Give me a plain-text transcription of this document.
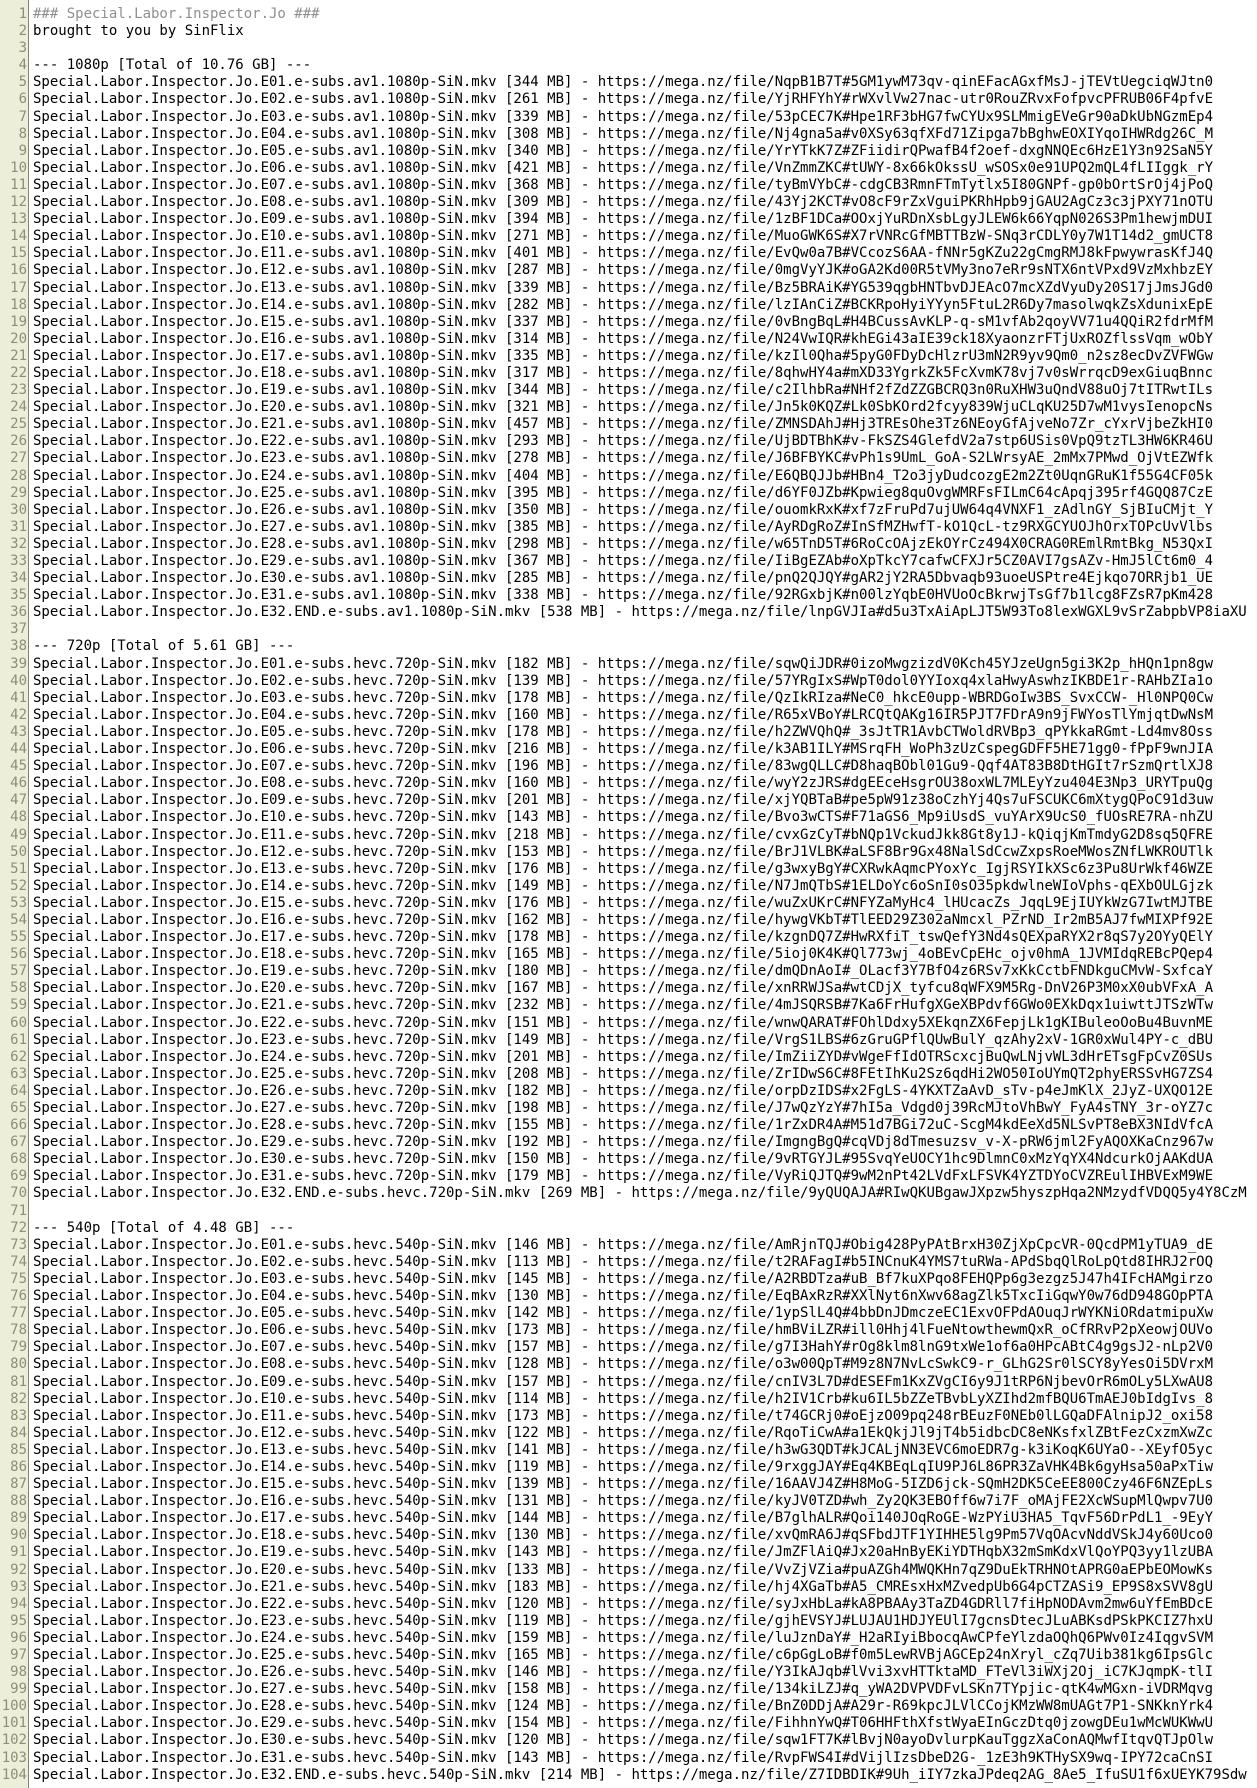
1 ### Special.Labor.Inspector.Jo ###
2 brought to you by SinFlix
3
4 --- 1080p [Total of 10.76 GB] ---
5 Special.Labor.Inspector.Jo.E01.e-subs.av1.1080p-SiN.mkv [344 MB] - https://mega.nz/file/NqpB1B7T#5GM1ywM73qv-qinEFacAGxfMsJ-jTEVtUegciqWJtn0
6 Special.Labor.Inspector.Jo.E02.e-subs.av1.1080p-SiN.mkv [261 MB] - https://mega.nz/file/YjRHFYhY#rWXvlVw27nac-utr0RouZRvxFofpvcPFRUB06F4pfvE
7 Special.Labor.Inspector.Jo.E03.e-subs.av1.1080p-SiN.mkv [339 MB] - https://mega.nz/file/53pCEC7K#Hpe1RF3bHG7fwCYUx9SLMmigEVeGr90aDkUbNGzmEp4
8 Special.Labor.Inspector.Jo.E04.e-subs.av1.1080p-SiN.mkv [308 MB] - https://mega.nz/file/Nj4gna5a#v0XSy63qfXFd71Zipga7bBghwEOXIYqoIHWRdg26C_M
9 Special.Labor.Inspector.Jo.E05.e-subs.av1.1080p-SiN.mkv [340 MB] - https://mega.nz/file/YrYTkK7Z#ZFiidirQPwafB4f2oef-dxgNNQEc6HzE1Y3n92SaN5Y
10 Special.Labor.Inspector.Jo.E06.e-subs.av1.1080p-SiN.mkv [421 MB] - https://mega.nz/file/VnZmmZKC#tUWY-8x66kOkssU_wSOSx0e91UPQ2mQL4fLIIggk_rY
11 Special.Labor.Inspector.Jo.E07.e-subs.av1.1080p-SiN.mkv [368 MB] - https://mega.nz/file/tyBmVYbC#-cdgCB3RmnFTmTytlx5I80GNPf-gp0bOrtSrOj4jPoQ
12 Special.Labor.Inspector.Jo.E08.e-subs.av1.1080p-SiN.mkv [309 MB] - https://mega.nz/file/43Yj2KCT#vO8cF9rZxVguiPKRhHpb9jGAU2AgCz3c3jPXY71nOTU
13 Special.Labor.Inspector.Jo.E09.e-subs.av1.1080p-SiN.mkv [394 MB] - https://mega.nz/file/1zBF1DCa#OOxjYuRDnXsbLgyJLEW6k66YqpN026S3Pm1hewjmDUI
14 Special.Labor.Inspector.Jo.E10.e-subs.av1.1080p-SiN.mkv [271 MB] - https://mega.nz/file/MuoGWK6S#X7rVNRcGfMBTTBzW-SNq3rCDLY0y7W1T14d2_gmUCT8
15 Special.Labor.Inspector.Jo.E11.e-subs.av1.1080p-SiN.mkv [401 MB] - https://mega.nz/file/EvQw0a7B#VCcozS6AA-fNNr5gKZu22gCmgRMJ8kFpwywrasKfJ4Q
16 Special.Labor.Inspector.Jo.E12.e-subs.av1.1080p-SiN.mkv [287 MB] - https://mega.nz/file/0mgVyYJK#oGA2Kd00R5tVMy3no7eRr9sNTX6ntVPxd9VzMxhbzEY
17 Special.Labor.Inspector.Jo.E13.e-subs.av1.1080p-SiN.mkv [339 MB] - https://mega.nz/file/Bz5BRAiK#YG539qgbHNTbvDJEAcO7mcXZdVyuDy20S17jJmsJGd0
18 Special.Labor.Inspector.Jo.E14.e-subs.av1.1080p-SiN.mkv [282 MB] - https://mega.nz/file/lzIAnCiZ#BCKRpoHyiYYyn5FtuL2R6Dy7masolwqkZsXdunixEpE
19 Special.Labor.Inspector.Jo.E15.e-subs.av1.1080p-SiN.mkv [337 MB] - https://mega.nz/file/0vBngBqL#H4BCussAvKLP-q-sM1vfAb2qoyVV71u4QQiR2fdrMfM
20 Special.Labor.Inspector.Jo.E16.e-subs.av1.1080p-SiN.mkv [314 MB] - https://mega.nz/file/N24VwIQR#khEGi43aIE39ck18XyaonzrFTjUxROZflssVqm_wObY
21 Special.Labor.Inspector.Jo.E17.e-subs.av1.1080p-SiN.mkv [335 MB] - https://mega.nz/file/kzIl0Qha#5pyG0FDyDcHlzrU3mN2R9yv9Qm0_n2sz8ecDvZVFWGw
22 Special.Labor.Inspector.Jo.E18.e-subs.av1.1080p-SiN.mkv [317 MB] - https://mega.nz/file/8qhwHY4a#mXD33YgrkZk5FcXvmK78vj7v0sWrrqcD9exGiuqBnnc
23 Special.Labor.Inspector.Jo.E19.e-subs.av1.1080p-SiN.mkv [344 MB] - https://mega.nz/file/c2IlhbRa#NHf2fZdZZGBCRQ3n0RuXHW3uQndV88uOj7tITRwtILs
24 Special.Labor.Inspector.Jo.E20.e-subs.av1.1080p-SiN.mkv [321 MB] - https://mega.nz/file/Jn5k0KQZ#Lk0SbKOrd2fcyy839WjuCLqKU25D7wM1vysIenopcNs
25 Special.Labor.Inspector.Jo.E21.e-subs.av1.1080p-SiN.mkv [457 MB] - https://mega.nz/file/ZMNSDAhJ#Hj3TREsOhe3Tz6NEoyGfAjveNo7Zr_cYxrVjbeZkHI0
26 Special.Labor.Inspector.Jo.E22.e-subs.av1.1080p-SiN.mkv [293 MB] - https://mega.nz/file/UjBDTBhK#v-FkSZS4GlefdV2a7stp6USis0VpQ9tzTL3HW6KR46U
27 Special.Labor.Inspector.Jo.E23.e-subs.av1.1080p-SiN.mkv [278 MB] - https://mega.nz/file/J6BFBYKC#vPh1s9UmL_GoA-S2LWrsyAE_2mMx7PMwd_OjVtEZWfk
28 Special.Labor.Inspector.Jo.E24.e-subs.av1.1080p-SiN.mkv [404 MB] - https://mega.nz/file/E6QBQJJb#HBn4_T2o3jyDudcozgE2m2Zt0UqnGRuK1f55G4CF05k
29 Special.Labor.Inspector.Jo.E25.e-subs.av1.1080p-SiN.mkv [395 MB] - https://mega.nz/file/d6YF0JZb#Kpwieg8quOvgWMRFsFILmC64cApqj395rf4GQQ87CzE
30 Special.Labor.Inspector.Jo.E26.e-subs.av1.1080p-SiN.mkv [350 MB] - https://mega.nz/file/ouomkRxK#xf7zFruPd7ujUW64q4VNXF1_zAdlnGY_SjBIuCMjt_Y
31 Special.Labor.Inspector.Jo.E27.e-subs.av1.1080p-SiN.mkv [385 MB] - https://mega.nz/file/AyRDgRoZ#InSfMZHwfT-kO1QcL-tz9RXGCYUOJhOrxTOPcUvVlbs
32 Special.Labor.Inspector.Jo.E28.e-subs.av1.1080p-SiN.mkv [298 MB] - https://mega.nz/file/w65TnD5T#6RoCcOAjzEkOYrCz494X0CRAG0REmlRmtBkg_N53QxI
33 Special.Labor.Inspector.Jo.E29.e-subs.av1.1080p-SiN.mkv [367 MB] - https://mega.nz/file/IiBgEZAb#oXpTkcY7cafwCFXJr5CZ0AVI7gsAZv-HmJ5lCt6m0_4
34 Special.Labor.Inspector.Jo.E30.e-subs.av1.1080p-SiN.mkv [285 MB] - https://mega.nz/file/pnQ2QJQY#gAR2jY2RA5Dbvaqb93uoeUSPtre4Ejkqo7ORRjb1_UE
35 Special.Labor.Inspector.Jo.E31.e-subs.av1.1080p-SiN.mkv [338 MB] - https://mega.nz/file/92RGxbjK#n00lzYqbE0HVUoOcBkrwjTsGf7b1lcg8FZsR7pKm428
36 Special.Labor.Inspector.Jo.E32.END.e-subs.av1.1080p-SiN.mkv [538 MB] - https://mega.nz/file/lnpGVJIa#d5u3TxAiApLJT5W93To8lexWGXL9vSrZabpbVP8iaXU
37
38 --- 720p [Total of 5.61 GB] ---
39 Special.Labor.Inspector.Jo.E01.e-subs.hevc.720p-SiN.mkv [182 MB] - https://mega.nz/file/sqwQiJDR#0izoMwgzizdV0Kch45YJzeUgn5gi3K2p_hHQn1pn8gw
40 Special.Labor.Inspector.Jo.E02.e-subs.hevc.720p-SiN.mkv [139 MB] - https://mega.nz/file/57YRgIxS#WpT0dol0YYIoxq4xlaHwyAswhzIKBDE1r-RAHbZIa1o
41 Special.Labor.Inspector.Jo.E03.e-subs.hevc.720p-SiN.mkv [178 MB] - https://mega.nz/file/QzIkRIza#NeC0_hkcE0upp-WBRDGoIw3BS_SvxCCW-_Hl0NPQ0Cw
42 Special.Labor.Inspector.Jo.E04.e-subs.hevc.720p-SiN.mkv [160 MB] - https://mega.nz/file/R65xVBoY#LRCQtQAKg16IR5PJT7FDrA9n9jFWYosTlYmjqtDwNsM
43 Special.Labor.Inspector.Jo.E05.e-subs.hevc.720p-SiN.mkv [178 MB] - https://mega.nz/file/h2ZWVQhQ#_3sJtTR1AvbCTWoldRVBp3_qPYkkaRGmt-Ld4mv8Oss
44 Special.Labor.Inspector.Jo.E06.e-subs.hevc.720p-SiN.mkv [216 MB] - https://mega.nz/file/k3AB1ILY#MSrqFH_WoPh3zUzCspegGDFF5HE71gg0-fPpF9wnJIA
45 Special.Labor.Inspector.Jo.E07.e-subs.hevc.720p-SiN.mkv [196 MB] - https://mega.nz/file/83wgQLLC#D8haqBObl01Gu9-Qqf4AT83B8DtHGIt7rSzmQrtlXJ8
46 Special.Labor.Inspector.Jo.E08.e-subs.hevc.720p-SiN.mkv [160 MB] - https://mega.nz/file/wyY2zJRS#dgEEceHsgrOU38oxWL7MLEyYzu404E3Np3_URYTpuQg
47 Special.Labor.Inspector.Jo.E09.e-subs.hevc.720p-SiN.mkv [201 MB] - https://mega.nz/file/xjYQBTaB#pe5pW91z38oCzhYj4Qs7uFSCUKC6mXtygQPoC91d3uw
48 Special.Labor.Inspector.Jo.E10.e-subs.hevc.720p-SiN.mkv [143 MB] - https://mega.nz/file/Bvo3wCTS#F71aGS6_Mp9iUsdS_vuYArX9UcS0_fUOsRE7RA-nhZU
49 Special.Labor.Inspector.Jo.E11.e-subs.hevc.720p-SiN.mkv [218 MB] - https://mega.nz/file/cvxGzCyT#bNQp1VckudJkk8Gt8y1J-kQiqjKmTmdyG2D8sq5QFRE
50 Special.Labor.Inspector.Jo.E12.e-subs.hevc.720p-SiN.mkv [153 MB] - https://mega.nz/file/BrJ1VLBK#aLSF8Br9Gx48NalSdCcwZxpsRoeMWosZNfLWKROUTlk
51 Special.Labor.Inspector.Jo.E13.e-subs.hevc.720p-SiN.mkv [176 MB] - https://mega.nz/file/g3wxyBgY#CXRwkAqmcPYoxYc_IgjRSYIkXSc6z3Pu8UrWkf46WZE
52 Special.Labor.Inspector.Jo.E14.e-subs.hevc.720p-SiN.mkv [149 MB] - https://mega.nz/file/N7JmQTbS#1ELDoYc6oSnI0sO35pkdwlneWIoVphs-qEXbOULGjzk
53 Special.Labor.Inspector.Jo.E15.e-subs.hevc.720p-SiN.mkv [176 MB] - https://mega.nz/file/wuZxUKrC#NFYZaMyHc4_lHUcacZs_JqqL9EjIUYkWzG7IwtMJTBE
54 Special.Labor.Inspector.Jo.E16.e-subs.hevc.720p-SiN.mkv [162 MB] - https://mega.nz/file/hywgVKbT#TlEED29Z302aNmcxl_PZrND_Ir2mB5AJ7fwMIXPf92E
55 Special.Labor.Inspector.Jo.E17.e-subs.hevc.720p-SiN.mkv [178 MB] - https://mega.nz/file/kzgnDQ7Z#HwRXfiT_tswQefY3Nd4sQEXpaRYX2r8qS7y2OYyQElY
56 Special.Labor.Inspector.Jo.E18.e-subs.hevc.720p-SiN.mkv [165 MB] - https://mega.nz/file/5ioj0K4K#Ql773wj_4oBEvCpEHc_ojv0hmA_1JVMIdqREBcPQep4
57 Special.Labor.Inspector.Jo.E19.e-subs.hevc.720p-SiN.mkv [180 MB] - https://mega.nz/file/dmQDnAoI#_OLacf3Y7BfO4z6RSv7xKkCctbFNDkguCMvW-SxfcaY
58 Special.Labor.Inspector.Jo.E20.e-subs.hevc.720p-SiN.mkv [167 MB] - https://mega.nz/file/xnRRWJSa#wtCDjX_tyfcu8qWFX9M5Rg-DnV26P3M0xX0ubVFxA_A
59 Special.Labor.Inspector.Jo.E21.e-subs.hevc.720p-SiN.mkv [232 MB] - https://mega.nz/file/4mJSQRSB#7Ka6FrHufgXGeXBPdvf6GWo0EXkDqx1uiwttJTSzWTw
60 Special.Labor.Inspector.Jo.E22.e-subs.hevc.720p-SiN.mkv [151 MB] - https://mega.nz/file/wnwQARAT#FOhlDdxy5XEkqnZX6FepjLk1gKIBuleoOoBu4BuvnME
61 Special.Labor.Inspector.Jo.E23.e-subs.hevc.720p-SiN.mkv [149 MB] - https://mega.nz/file/VrgS1LBS#6zGruGPflQUwBulY_qzAhy2xV-1GR0xWul4PY-c_dBU
62 Special.Labor.Inspector.Jo.E24.e-subs.hevc.720p-SiN.mkv [201 MB] - https://mega.nz/file/ImZiiZYD#vWgeFfIdOTRScxcjBuQwLNjvWL3dHrETsgFpCvZ0SUs
63 Special.Labor.Inspector.Jo.E25.e-subs.hevc.720p-SiN.mkv [208 MB] - https://mega.nz/file/ZrIDwS6C#8FEtIhKu2Sz6qdHi2WO50IoUYmQT2phyERSSvHG7ZS4
64 Special.Labor.Inspector.Jo.E26.e-subs.hevc.720p-SiN.mkv [182 MB] - https://mega.nz/file/orpDzIDS#x2FgLS-4YKXTZaAvD_sTv-p4eJmKlX_2JyZ-UXQO12E
65 Special.Labor.Inspector.Jo.E27.e-subs.hevc.720p-SiN.mkv [198 MB] - https://mega.nz/file/J7wQzYzY#7hI5a_Vdgd0j39RcMJtoVhBwY_FyA4sTNY_3r-oYZ7c
66 Special.Labor.Inspector.Jo.E28.e-subs.hevc.720p-SiN.mkv [155 MB] - https://mega.nz/file/1rZxDR4A#M51d7BGi72uC-ScgM4kdEeXd5NLSvPT8eBX3NIdVfcA
67 Special.Labor.Inspector.Jo.E29.e-subs.hevc.720p-SiN.mkv [192 MB] - https://mega.nz/file/ImgngBgQ#cqVDj8dTmesuzsv_v-X-pRW6jml2FyAQOXKaCnz967w
68 Special.Labor.Inspector.Jo.E30.e-subs.hevc.720p-SiN.mkv [150 MB] - https://mega.nz/file/9vRTGYJL#95SvqYeUOCY1hc9DlmnC0xMzYqYX4NdcurkOjAAKdUA
69 Special.Labor.Inspector.Jo.E31.e-subs.hevc.720p-SiN.mkv [179 MB] - https://mega.nz/file/VyRiQJTQ#9wM2nPt42LVdFxLFSVK4YZTDYoCVZREulIHBVExM9WE
70 Special.Labor.Inspector.Jo.E32.END.e-subs.hevc.720p-SiN.mkv [269 MB] - https://mega.nz/file/9yQUQAJA#RIwQKUBgawJXpzw5hyszpHqa2NMzydfVDQQ5y4Y8CzM
71
72 --- 540p [Total of 4.48 GB] ---
73 Special.Labor.Inspector.Jo.E01.e-subs.hevc.540p-SiN.mkv [146 MB] - https://mega.nz/file/AmRjnTQJ#Obig428PyPAtBrxH30ZjXpCpcVR-0QcdPM1yTUA9_dE
74 Special.Labor.Inspector.Jo.E02.e-subs.hevc.540p-SiN.mkv [113 MB] - https://mega.nz/file/t2RAFagI#b5INCnuK4YMS7tuRWa-APdSbqQlRoLpQtd8IHRJ2rOQ
75 Special.Labor.Inspector.Jo.E03.e-subs.hevc.540p-SiN.mkv [145 MB] - https://mega.nz/file/A2RBDTza#uB_Bf7kuXPqo8FEHQPp6g3ezgz5J47h4IFcHAMgirzo
76 Special.Labor.Inspector.Jo.E04.e-subs.hevc.540p-SiN.mkv [130 MB] - https://mega.nz/file/EqBAxRzR#XXlNyt6nXwv68agZlk5TxcIiGqwY0w76dD948GOpPTA
77 Special.Labor.Inspector.Jo.E05.e-subs.hevc.540p-SiN.mkv [142 MB] - https://mega.nz/file/1ypSlL4Q#4bbDnJDmczeEC1ExvOFPdAOuqJrWYKNiORdatmipuXw
78 Special.Labor.Inspector.Jo.E06.e-subs.hevc.540p-SiN.mkv [173 MB] - https://mega.nz/file/hmBViLZR#ill0Hhj4lFueNtowthewmQxR_oCfRRvP2pXeowjOUVo
79 Special.Labor.Inspector.Jo.E07.e-subs.hevc.540p-SiN.mkv [157 MB] - https://mega.nz/file/g7I3HahY#rOg8klm8lnG9txWe1of6a0HPcABtC4g9gsJ2-nLp2V0
80 Special.Labor.Inspector.Jo.E08.e-subs.hevc.540p-SiN.mkv [128 MB] - https://mega.nz/file/o3w00QpT#M9z8N7NvLcSwkC9-r_GLhG2Sr0lSCY8yYesOi5DVrxM
81 Special.Labor.Inspector.Jo.E09.e-subs.hevc.540p-SiN.mkv [157 MB] - https://mega.nz/file/cnIV3L7D#dESEFm1KxZVgCI6y9J1tRP6NjbevOrR6mOLy5LXwAU8
82 Special.Labor.Inspector.Jo.E10.e-subs.hevc.540p-SiN.mkv [114 MB] - https://mega.nz/file/h2IV1Crb#ku6IL5bZZeTBvbLyXZIhd2mfBQU6TmAEJ0bIdgIvs_8
83 Special.Labor.Inspector.Jo.E11.e-subs.hevc.540p-SiN.mkv [173 MB] - https://mega.nz/file/t74GCRj0#oEjzO09pq248rBEuzF0NEb0lLGQaDFAlnipJ2_oxi58
84 Special.Labor.Inspector.Jo.E12.e-subs.hevc.540p-SiN.mkv [122 MB] - https://mega.nz/file/RqoTiCwA#a1EkQkjJl9jT4b5idbcDC8eNKsfxlZBtFezCxzmXwZc
85 Special.Labor.Inspector.Jo.E13.e-subs.hevc.540p-SiN.mkv [141 MB] - https://mega.nz/file/h3wG3QDT#kJCALjNN3EVC6moEDR7g-k3iKoqK6UYaO--XEyfO5yc
86 Special.Labor.Inspector.Jo.E14.e-subs.hevc.540p-SiN.mkv [119 MB] - https://mega.nz/file/9rxggJAY#Eq4KBEqLqIU9PJ6L86PR3ZaVHK4Bk6gyHsa50aPxTiw
87 Special.Labor.Inspector.Jo.E15.e-subs.hevc.540p-SiN.mkv [139 MB] - https://mega.nz/file/16AAVJ4Z#H8MoG-5IZD6jck-SQmH2DK5CeEE800Czy46F6NZEpLs
88 Special.Labor.Inspector.Jo.E16.e-subs.hevc.540p-SiN.mkv [131 MB] - https://mega.nz/file/kyJV0TZD#wh_Zy2QK3EBOff6w7i7F_oMAjFE2XcWSupMlQwpv7U0
89 Special.Labor.Inspector.Jo.E17.e-subs.hevc.540p-SiN.mkv [144 MB] - https://mega.nz/file/B7glhALR#Qoi140JOqRoGE-WzPYiU3HA5_TqvF56DrPdL1_-9EyY
90 Special.Labor.Inspector.Jo.E18.e-subs.hevc.540p-SiN.mkv [130 MB] - https://mega.nz/file/xvQmRA6J#qSFbdJTF1YIHHE5lg9Pm57VqOAcvNddVSkJ4y60Uco0
91 Special.Labor.Inspector.Jo.E19.e-subs.hevc.540p-SiN.mkv [143 MB] - https://mega.nz/file/JmZFlAiQ#Jx20aHnByEKiYDTHqbX32mSmKdxVlQoYPQ3yy1lzUBA
92 Special.Labor.Inspector.Jo.E20.e-subs.hevc.540p-SiN.mkv [133 MB] - https://mega.nz/file/VvZjVZia#puAZGh4MWQKHn7qZ9DuEkTRHNOtAPRG0aEPbEOMowKs
93 Special.Labor.Inspector.Jo.E21.e-subs.hevc.540p-SiN.mkv [183 MB] - https://mega.nz/file/hj4XGaTb#A5_CMREsxHxMZvedpUb6G4pCTZASi9_EP9S8xSVV8gU
94 Special.Labor.Inspector.Jo.E22.e-subs.hevc.540p-SiN.mkv [120 MB] - https://mega.nz/file/syJxHbLa#kA8PBAAy3TaZD4GDRll7fiHpNODAvm2mw6uYfEmBDcE
95 Special.Labor.Inspector.Jo.E23.e-subs.hevc.540p-SiN.mkv [119 MB] - https://mega.nz/file/gjhEVSYJ#LUJAU1HDJYEUlI7gcnsDtecJLuABKsdPSkPKCIZ7hxU
96 Special.Labor.Inspector.Jo.E24.e-subs.hevc.540p-SiN.mkv [159 MB] - https://mega.nz/file/luJznDaY#_H2aRIyiBbocqAwCPfeYlzdaOQhQ6PWv0Iz4IqgvSVM
97 Special.Labor.Inspector.Jo.E25.e-subs.hevc.540p-SiN.mkv [165 MB] - https://mega.nz/file/c6pGgLoB#f0m5LewRVBjAGCEp24nXryl_cZq7Uib381kg6IpsGlc
98 Special.Labor.Inspector.Jo.E26.e-subs.hevc.540p-SiN.mkv [146 MB] - https://mega.nz/file/Y3IkAJqb#lVvi3xvHTTktaMD_FTeVl3iWXj2Oj_iC7KJqmpK-tlI
99 Special.Labor.Inspector.Jo.E27.e-subs.hevc.540p-SiN.mkv [158 MB] - https://mega.nz/file/134kiLZJ#q_yWA2DVPVDFvLSKn7TYpjic-qtK4wMGxn-iVDRMqvg
100 Special.Labor.Inspector.Jo.E28.e-subs.hevc.540p-SiN.mkv [124 MB] - https://mega.nz/file/BnZ0DDjA#A29r-R69kpcJLVlCCojKMzWW8mUAGt7P1-SNKknYrk4
101 Special.Labor.Inspector.Jo.E29.e-subs.hevc.540p-SiN.mkv [154 MB] - https://mega.nz/file/FihhnYwQ#T06HHFthXfstWyaEInGczDtq0jzowgDEu1wMcWUKWwU
102 Special.Labor.Inspector.Jo.E30.e-subs.hevc.540p-SiN.mkv [120 MB] - https://mega.nz/file/sqw1FT7K#lBvjN0ayoDvlurpKauTggzXaConAQMwfItqvQTJpOlw
103 Special.Labor.Inspector.Jo.E31.e-subs.hevc.540p-SiN.mkv [143 MB] - https://mega.nz/file/RvpFWS4I#dVijlIzsDbeD2G-_1zE3h9KTHySX9wq-IPY72caCnSI
104 Special.Labor.Inspector.Jo.E32.END.e-subs.hevc.540p-SiN.mkv [214 MB] - https://mega.nz/file/Z7IDBDIK#9Uh_iIY7zkaJPdeq2AG_8Ae5_IfuSU1f6xUEYK79Sdw
